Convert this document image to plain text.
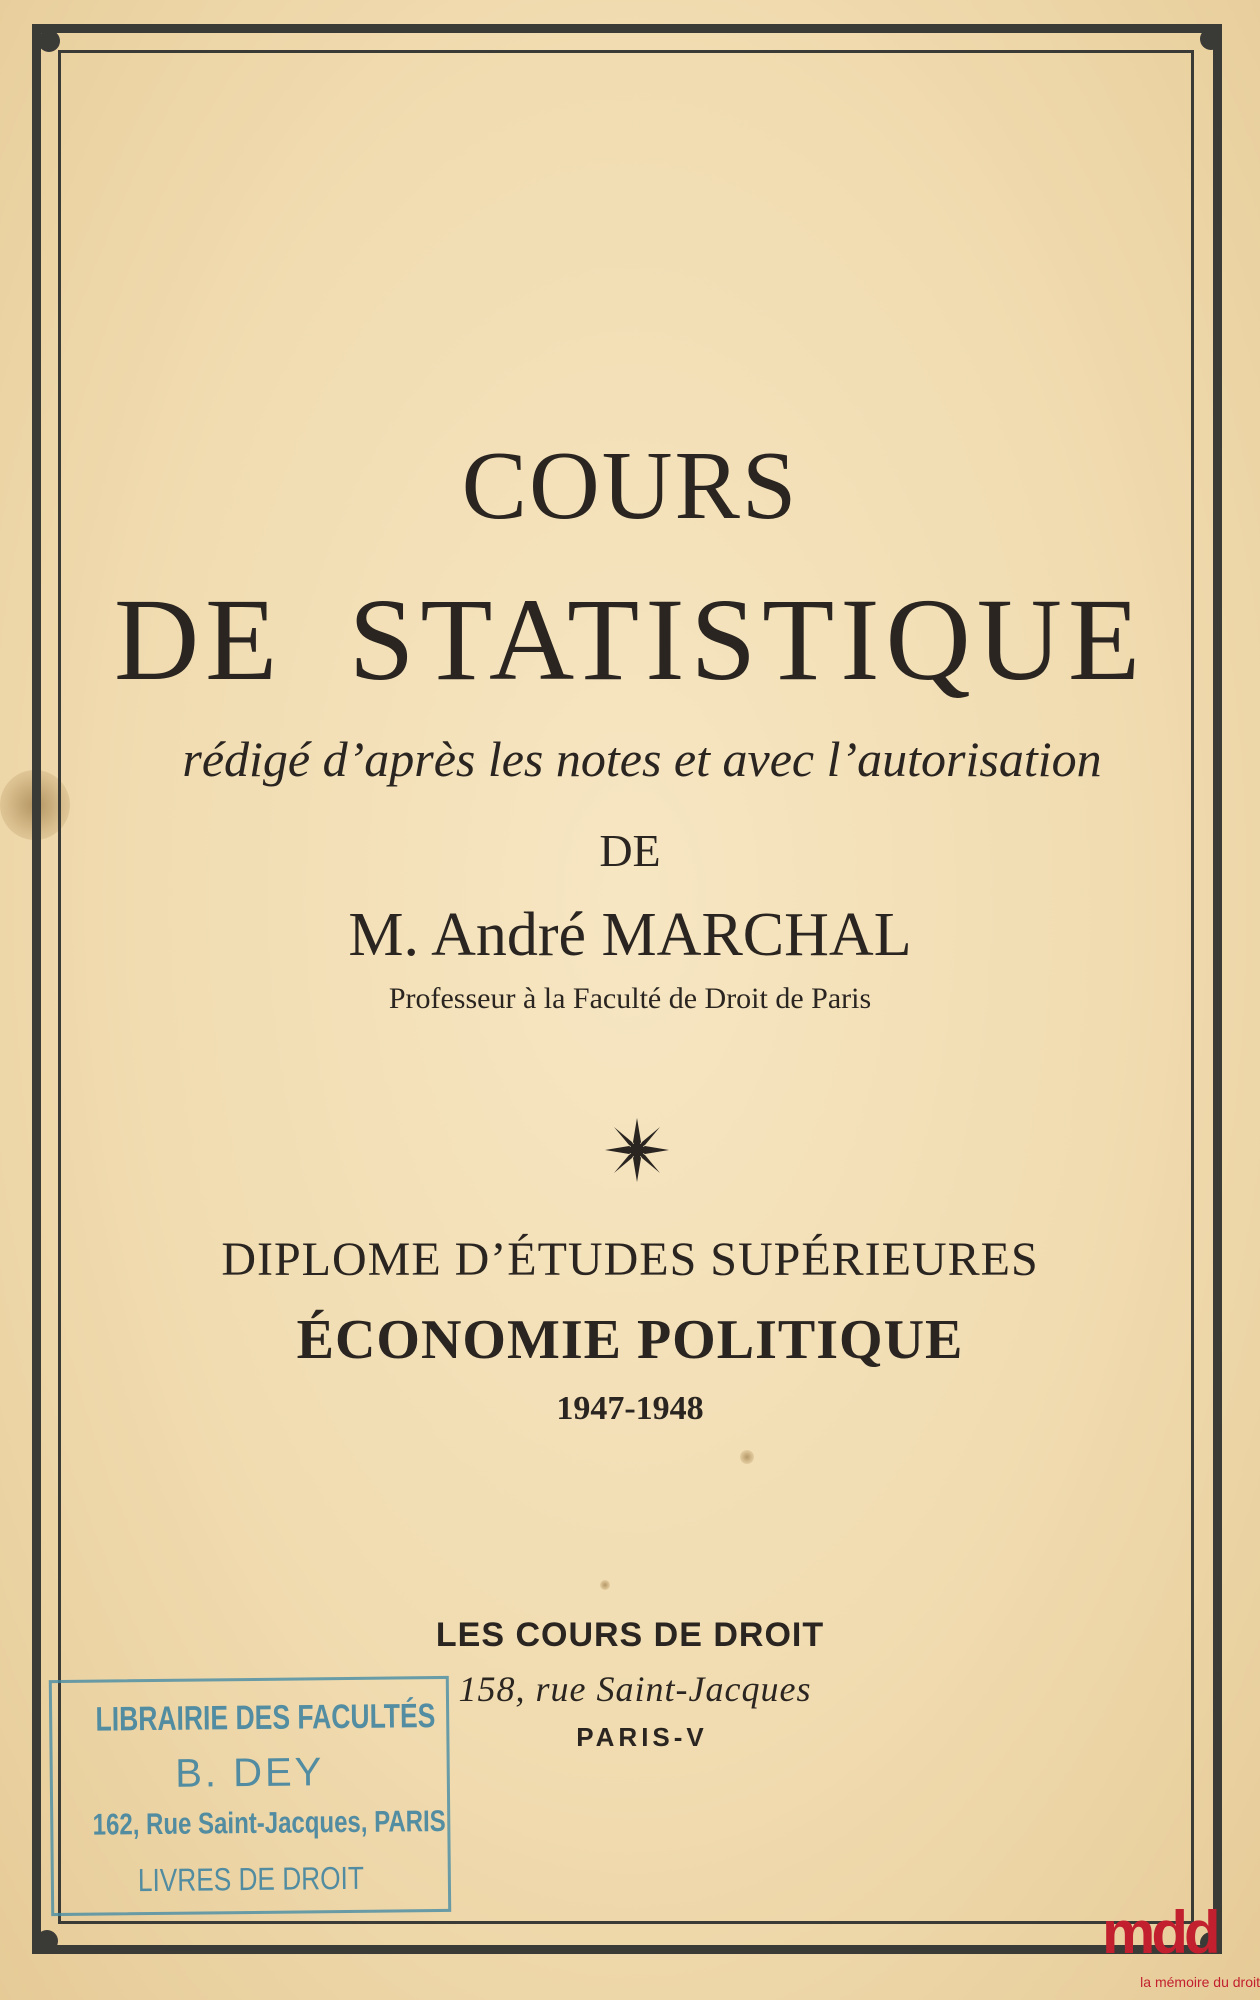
COURS
DE STATISTIQUE
rédigé d’après les notes et avec l’autorisation
DE
M. André MARCHAL
Professeur à la Faculté de Droit de Paris
DIPLOME D’ÉTUDES SUPÉRIEURES
ÉCONOMIE POLITIQUE
1947-1948
LES COURS DE DROIT
158, rue Saint-Jacques
PARIS-V
LIBRAIRIE DES FACULTÉS
B. DEY
162, Rue Saint-Jacques, PARIS
LIVRES DE DROIT
mdd
la mémoire du droit
